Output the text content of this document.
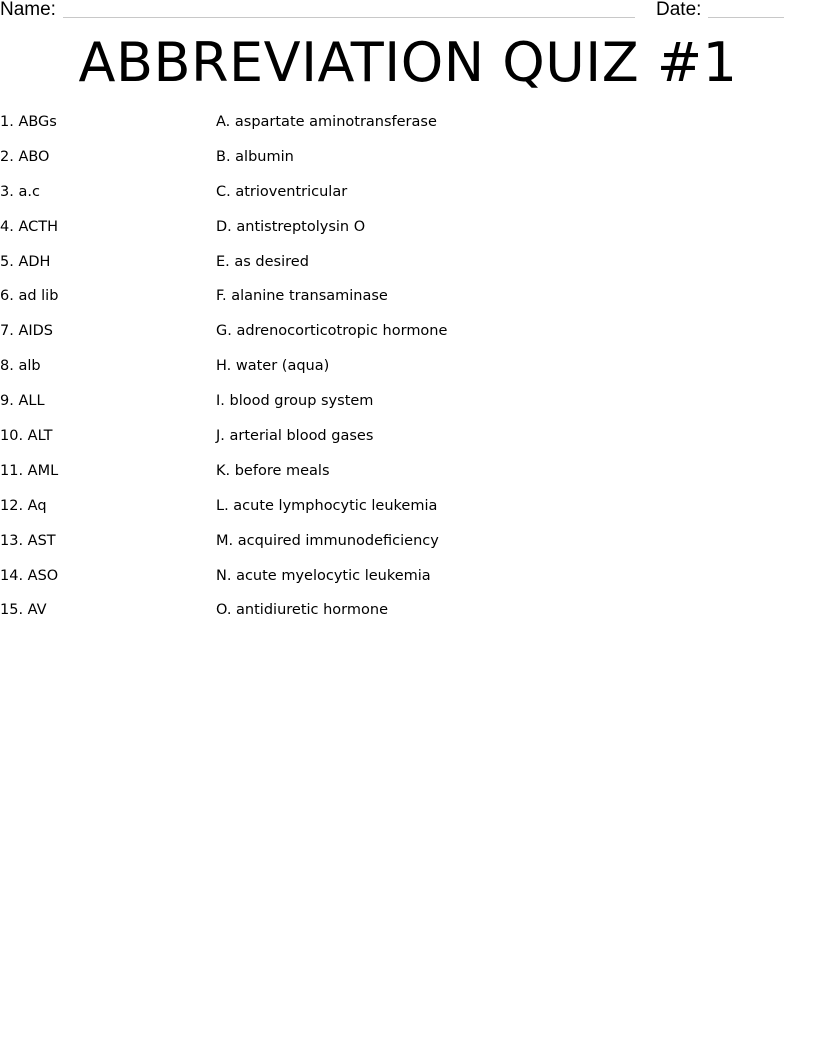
Name:	Date:
ABBREVIATION QUIZ #1
1. ABGs	A. aspartate aminotransferase
2. ABO	B. albumin
3. a.c	C. atrioventricular
4. ACTH	D. antistreptolysin O
5. ADH	E. as desired
6. ad lib	F. alanine transaminase
7. AIDS	G. adrenocorticotropic hormone
8. alb	H. water (aqua)
9. ALL	I. blood group system
10. ALT	J. arterial blood gases
11. AML	K. before meals
12. Aq	L. acute lymphocytic leukemia
13. AST	M. acquired immunodeficiency
14. ASO	N. acute myelocytic leukemia
15. AV	O. antidiuretic hormone
